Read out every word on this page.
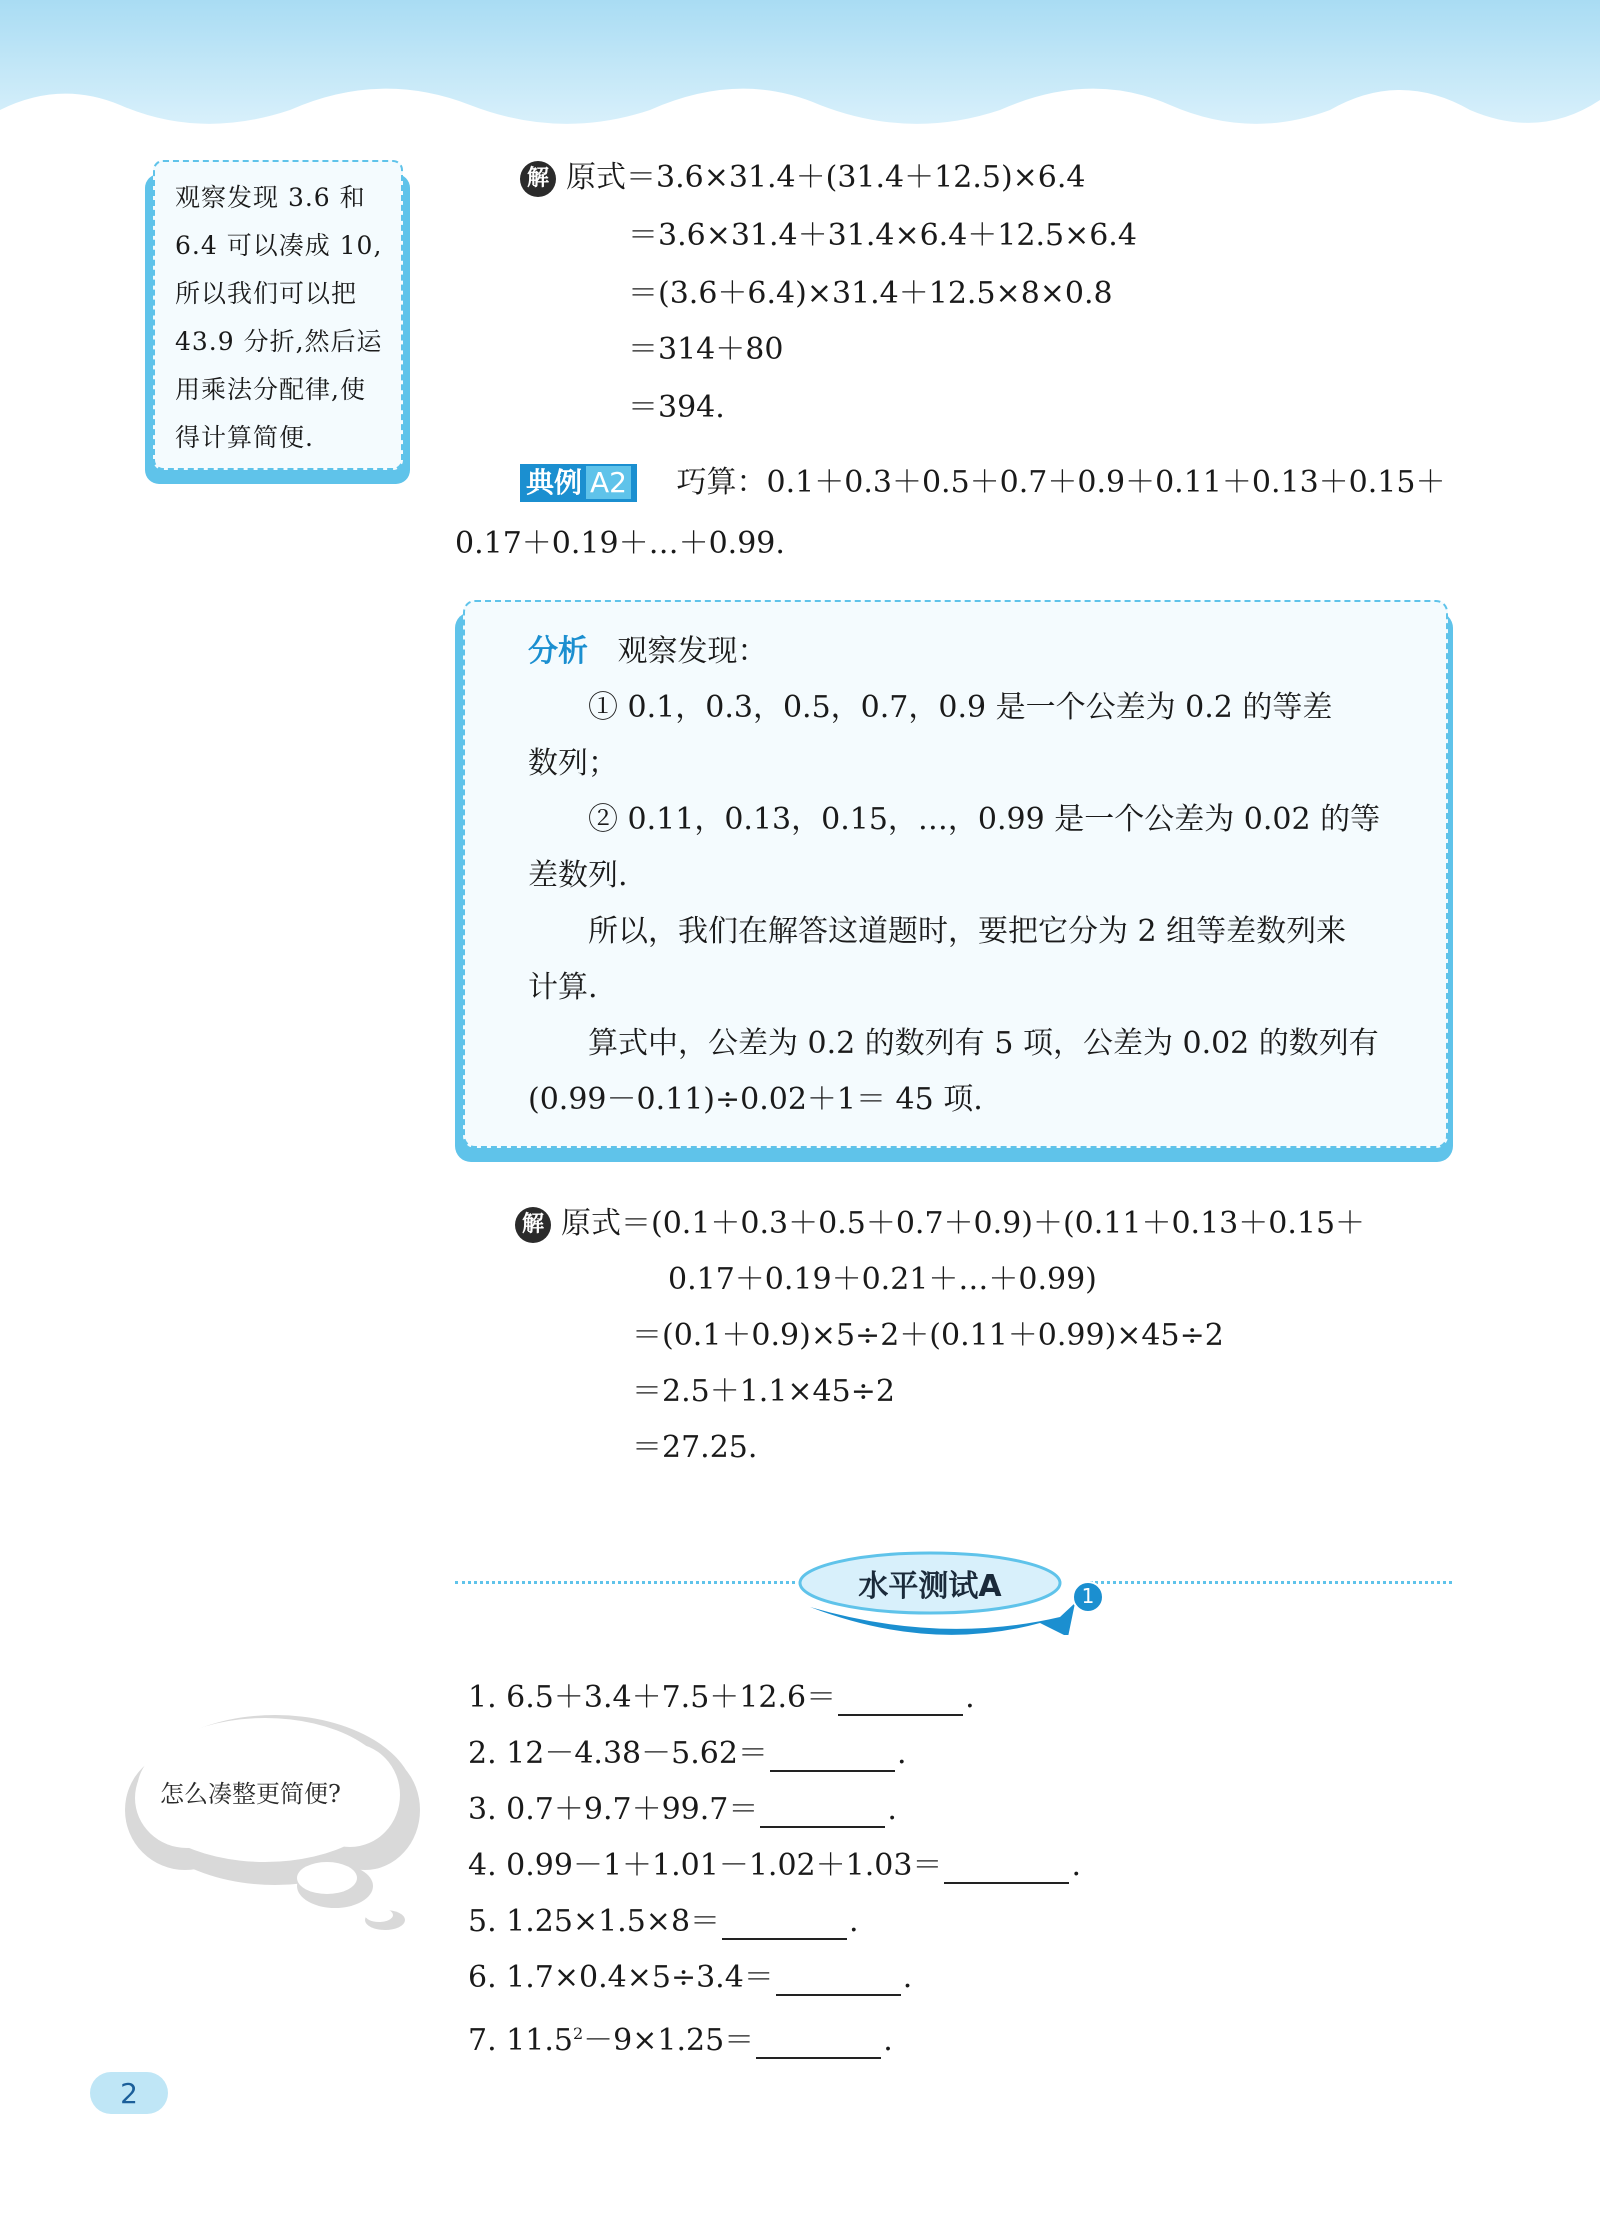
观察发现 3.6 和
6.4 可以凑成 10,
所以我们可以把
43.9 分折,然后运
用乘法分配律,使
得计算简便.
解 原式＝3.6×31.4＋(31.4＋12.5)×6.4
＝3.6×31.4＋31.4×6.4＋12.5×6.4
＝(3.6＋6.4)×31.4＋12.5×8×0.8
＝314＋80
＝394.
典例 A2 巧算：0.1＋0.3＋0.5＋0.7＋0.9＋0.11＋0.13＋0.15＋
0.17＋0.19＋…＋0.99.
分析 观察发现：
① 0.1，0.3，0.5，0.7，0.9 是一个公差为 0.2 的等差
数列；
② 0.11，0.13，0.15，…，0.99 是一个公差为 0.02 的等
差数列.
所以，我们在解答这道题时，要把它分为 2 组等差数列来
计算.
算式中，公差为 0.2 的数列有 5 项，公差为 0.02 的数列有
(0.99－0.11)÷0.02＋1＝ 45 项.
解 原式＝(0.1＋0.3＋0.5＋0.7＋0.9)＋(0.11＋0.13＋0.15＋
0.17＋0.19＋0.21＋…＋0.99)
＝(0.1＋0.9)×5÷2＋(0.11＋0.99)×45÷2
＝2.5＋1.1×45÷2
＝27.25.
水平测试A	1
怎么凑整更简便?
1. 6.5＋3.4＋7.5＋12.6＝	.
2. 12－4.38－5.62＝	.
3. 0.7＋9.7＋99.7＝	.
4. 0.99－1＋1.01－1.02＋1.03＝	.
5. 1.25×1.5×8＝	.
6. 1.7×0.4×5÷3.4＝	.
7. $11.5^2-9\times 1.25=$	.
2
